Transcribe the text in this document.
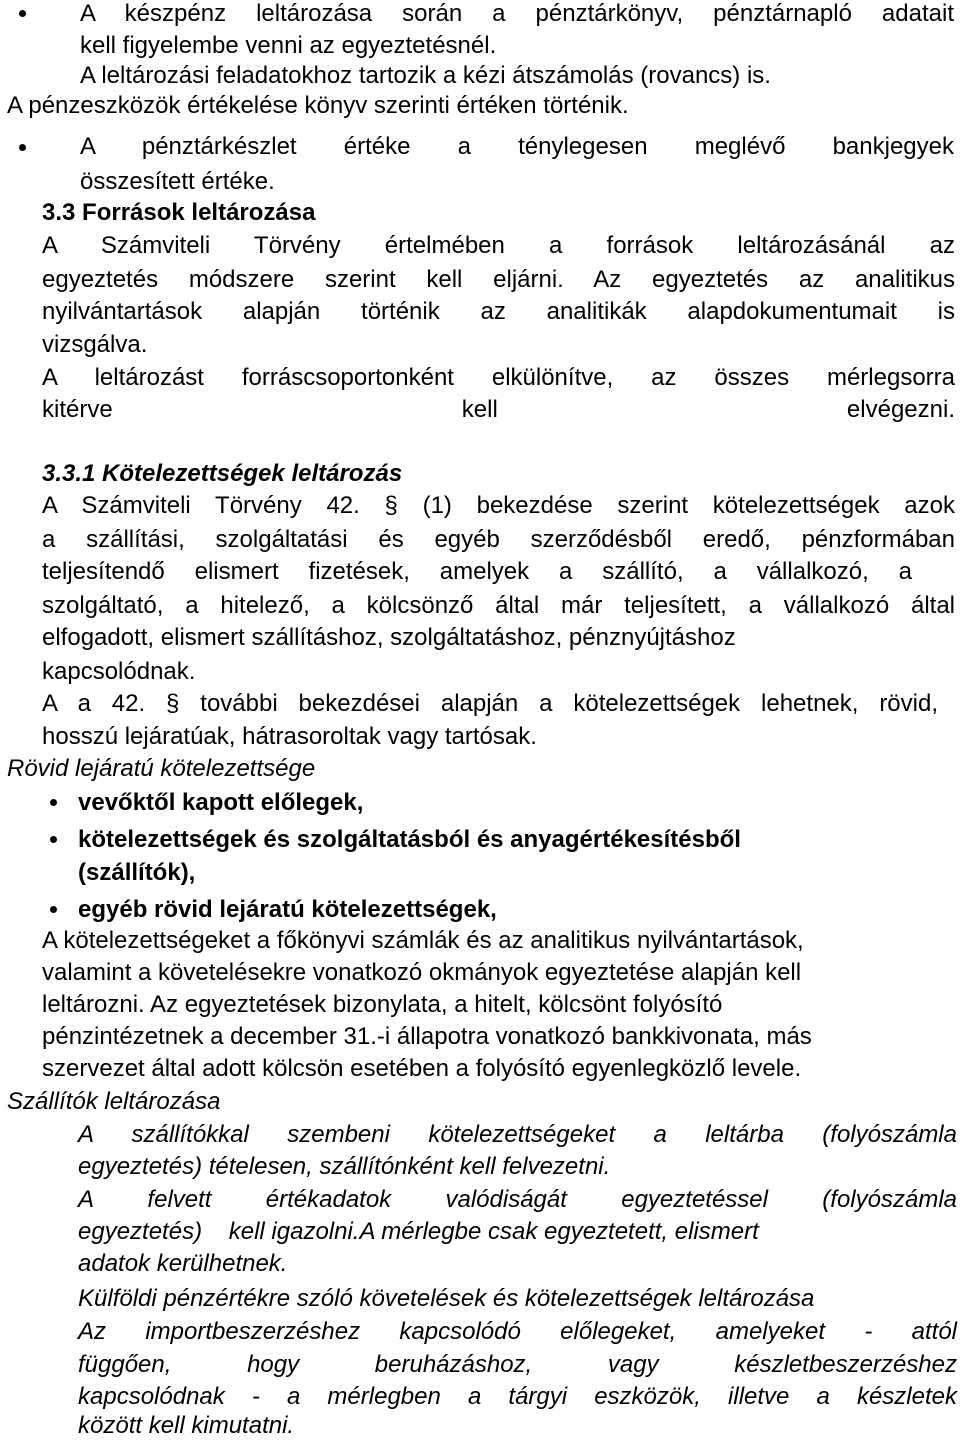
A készpénz leltározása során a pénztárkönyv, pénztárnapló adatait

kell figyelembe venni az egyeztetésnél.

A leltározási feladatokhoz tartozik a kézi átszámolás (rovancs) is.

A pénzeszközök értékelése könyv szerinti értéken történik.

A pénztárkészlet értéke a ténylegesen meglévő bankjegyek

összesített értéke.

3.3 Források leltározása

A Számviteli Törvény értelmében a források leltározásánál az

egyeztetés módszere szerint kell eljárni. Az egyeztetés az analitikus

nyilvántartások alapján történik az analitikák alapdokumentumait is

vizsgálva.

A leltározást forráscsoportonként elkülönítve, az összes mérlegsorra

kitérve kell elvégezni.

3.3.1 Kötelezettségek leltározás

A Számviteli Törvény 42. § (1) bekezdése szerint kötelezettségek azok

a szállítási, szolgáltatási és egyéb szerződésből eredő, pénzformában

teljesítendő elismert fizetések, amelyek a szállító, a vállalkozó, a

szolgáltató, a hitelező, a kölcsönző által már teljesített, a vállalkozó által

elfogadott, elismert szállításhoz, szolgáltatáshoz, pénznyújtáshoz

kapcsolódnak.

A a 42. § további bekezdései alapján a kötelezettségek lehetnek, rövid,

hosszú lejáratúak, hátrasoroltak vagy tartósak.

Rövid lejáratú kötelezettsége

vevőktől kapott előlegek,

kötelezettségek és szolgáltatásból és anyagértékesítésből

(szállítók),

egyéb rövid lejáratú kötelezettségek,

A kötelezettségeket a főkönyvi számlák és az analitikus nyilvántartások,

valamint a követelésekre vonatkozó okmányok egyeztetése alapján kell

leltározni. Az egyeztetések bizonylata, a hitelt, kölcsönt folyósító

pénzintézetnek a december 31.-i állapotra vonatkozó bankkivonata, más

szervezet által adott kölcsön esetében a folyósító egyenlegközlő levele.

Szállítók leltározása

A szállítókkal szembeni kötelezettségeket a leltárba (folyószámla

egyeztetés) tételesen, szállítónként kell felvezetni.

A felvett értékadatok valódiságát egyeztetéssel (folyószámla

egyeztetés)    kell igazolni.A mérlegbe csak egyeztetett, elismert

adatok kerülhetnek.

Külföldi pénzértékre szóló követelések és kötelezettségek leltározása

Az importbeszerzéshez kapcsolódó előlegeket, amelyeket - attól

függően, hogy beruházáshoz, vagy készletbeszerzéshez

kapcsolódnak - a mérlegben a tárgyi eszközök, illetve a készletek

között kell kimutatni.
